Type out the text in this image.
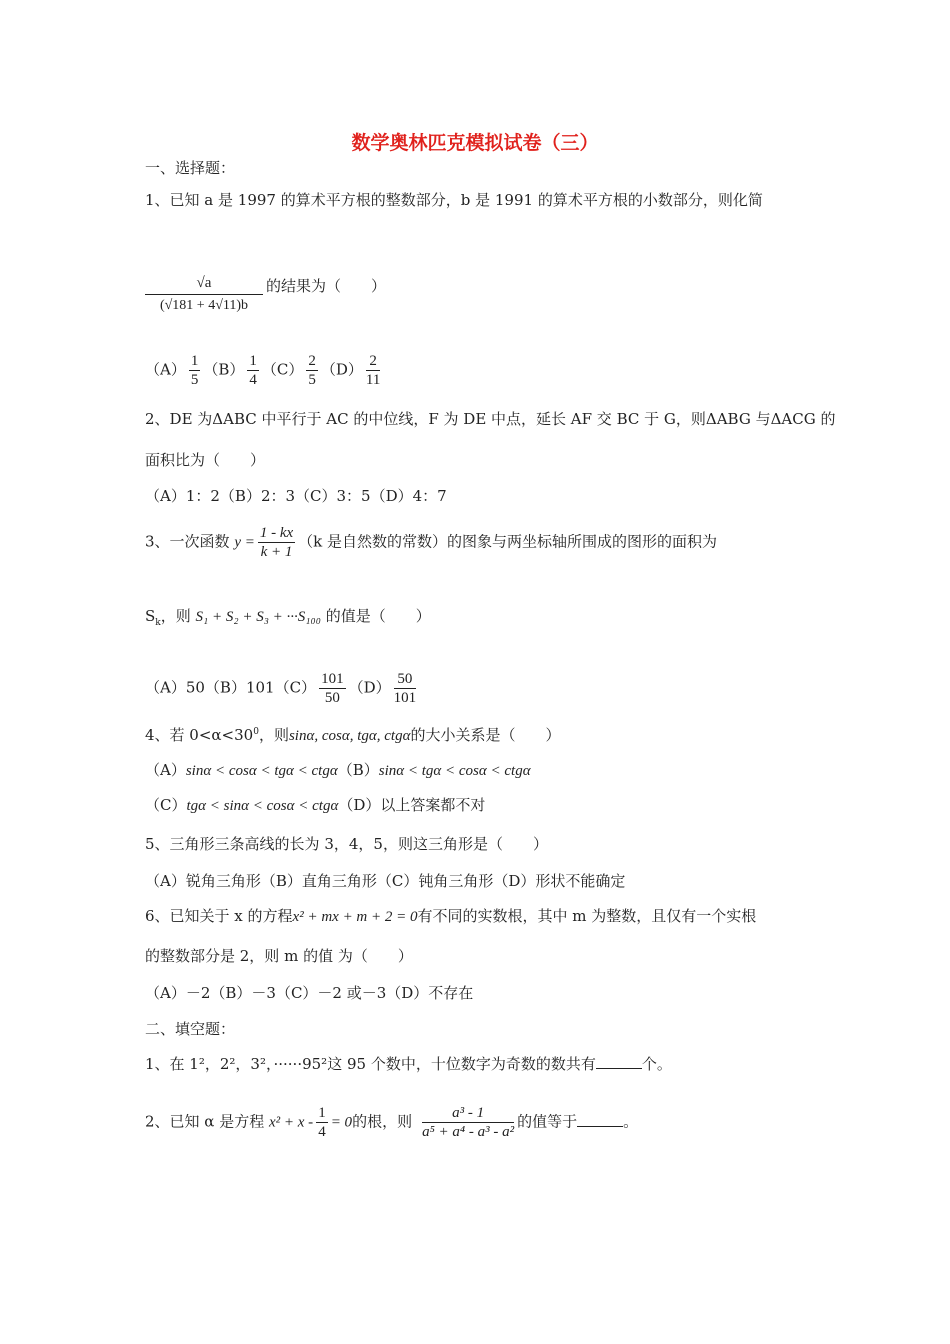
数学奥林匹克模拟试卷（三）
一、选择题：
1、已知 a 是 1997 的算术平方根的整数部分，b 是 1991 的算术平方根的小数部分，则化简
$\frac{√a}{(√181 + 4√11)b}$ 的结果为（　　）
$(A) \frac{1}{5} (B) \frac{1}{4} (C) \frac{2}{5} (D) \frac{2}{11}$
2、DE 为ΔABC 中平行于 AC 的中位线，F 为 DE 中点，延长 AF 交 BC 于 G，则ΔABG 与ΔACG 的
面积比为（　　）
（A）1：2（B）2：3（C）3：5（D）4：7
3、一次函数 $y = \frac{1 - kx}{k + 1} (k$ 是自然数的常数）的图象与两坐标轴所围成的图形的面积为
$S_k$，则 S₁ + S₂ + S₃ + ···S₁₀₀ 的值是（　　）
$(A)50(B)101(C) \frac{101}{50} (D) \frac{50}{101}$
4、若 $0<\alpha<30^0$，则sinα, cosα, tgα, ctgα的大小关系是（　　）
（A）sinα < cosα < tgα < ctgα（B）sinα < tgα < cosα < ctgα
（C）tgα < sinα < cosα < ctgα（D）以上答案都不对
5、三角形三条高线的长为 3，4，5，则这三角形是（　　）
（A）锐角三角形（B）直角三角形（C）钝角三角形（D）形状不能确定
6、已知关于 x 的方程x² + mx + m + 2 = 0有不同的实数根，其中 m 为整数，且仅有一个实根
的整数部分是 2，则 m 的值 为（　　）
（A）－2（B）－3（C）－2 或－3（D）不存在
二、填空题：
1、在 1²，2²，3²，······95²这 95 个数中，十位数字为奇数的数共有	个。
2、已知 α 是方程 $x^2 + x - \frac{1}{4} = 0$的根，则 $\frac{\text{a³ - 1}}{\text{a⁵ + a⁴ - a³ - a²}}$ 的值等于	。
